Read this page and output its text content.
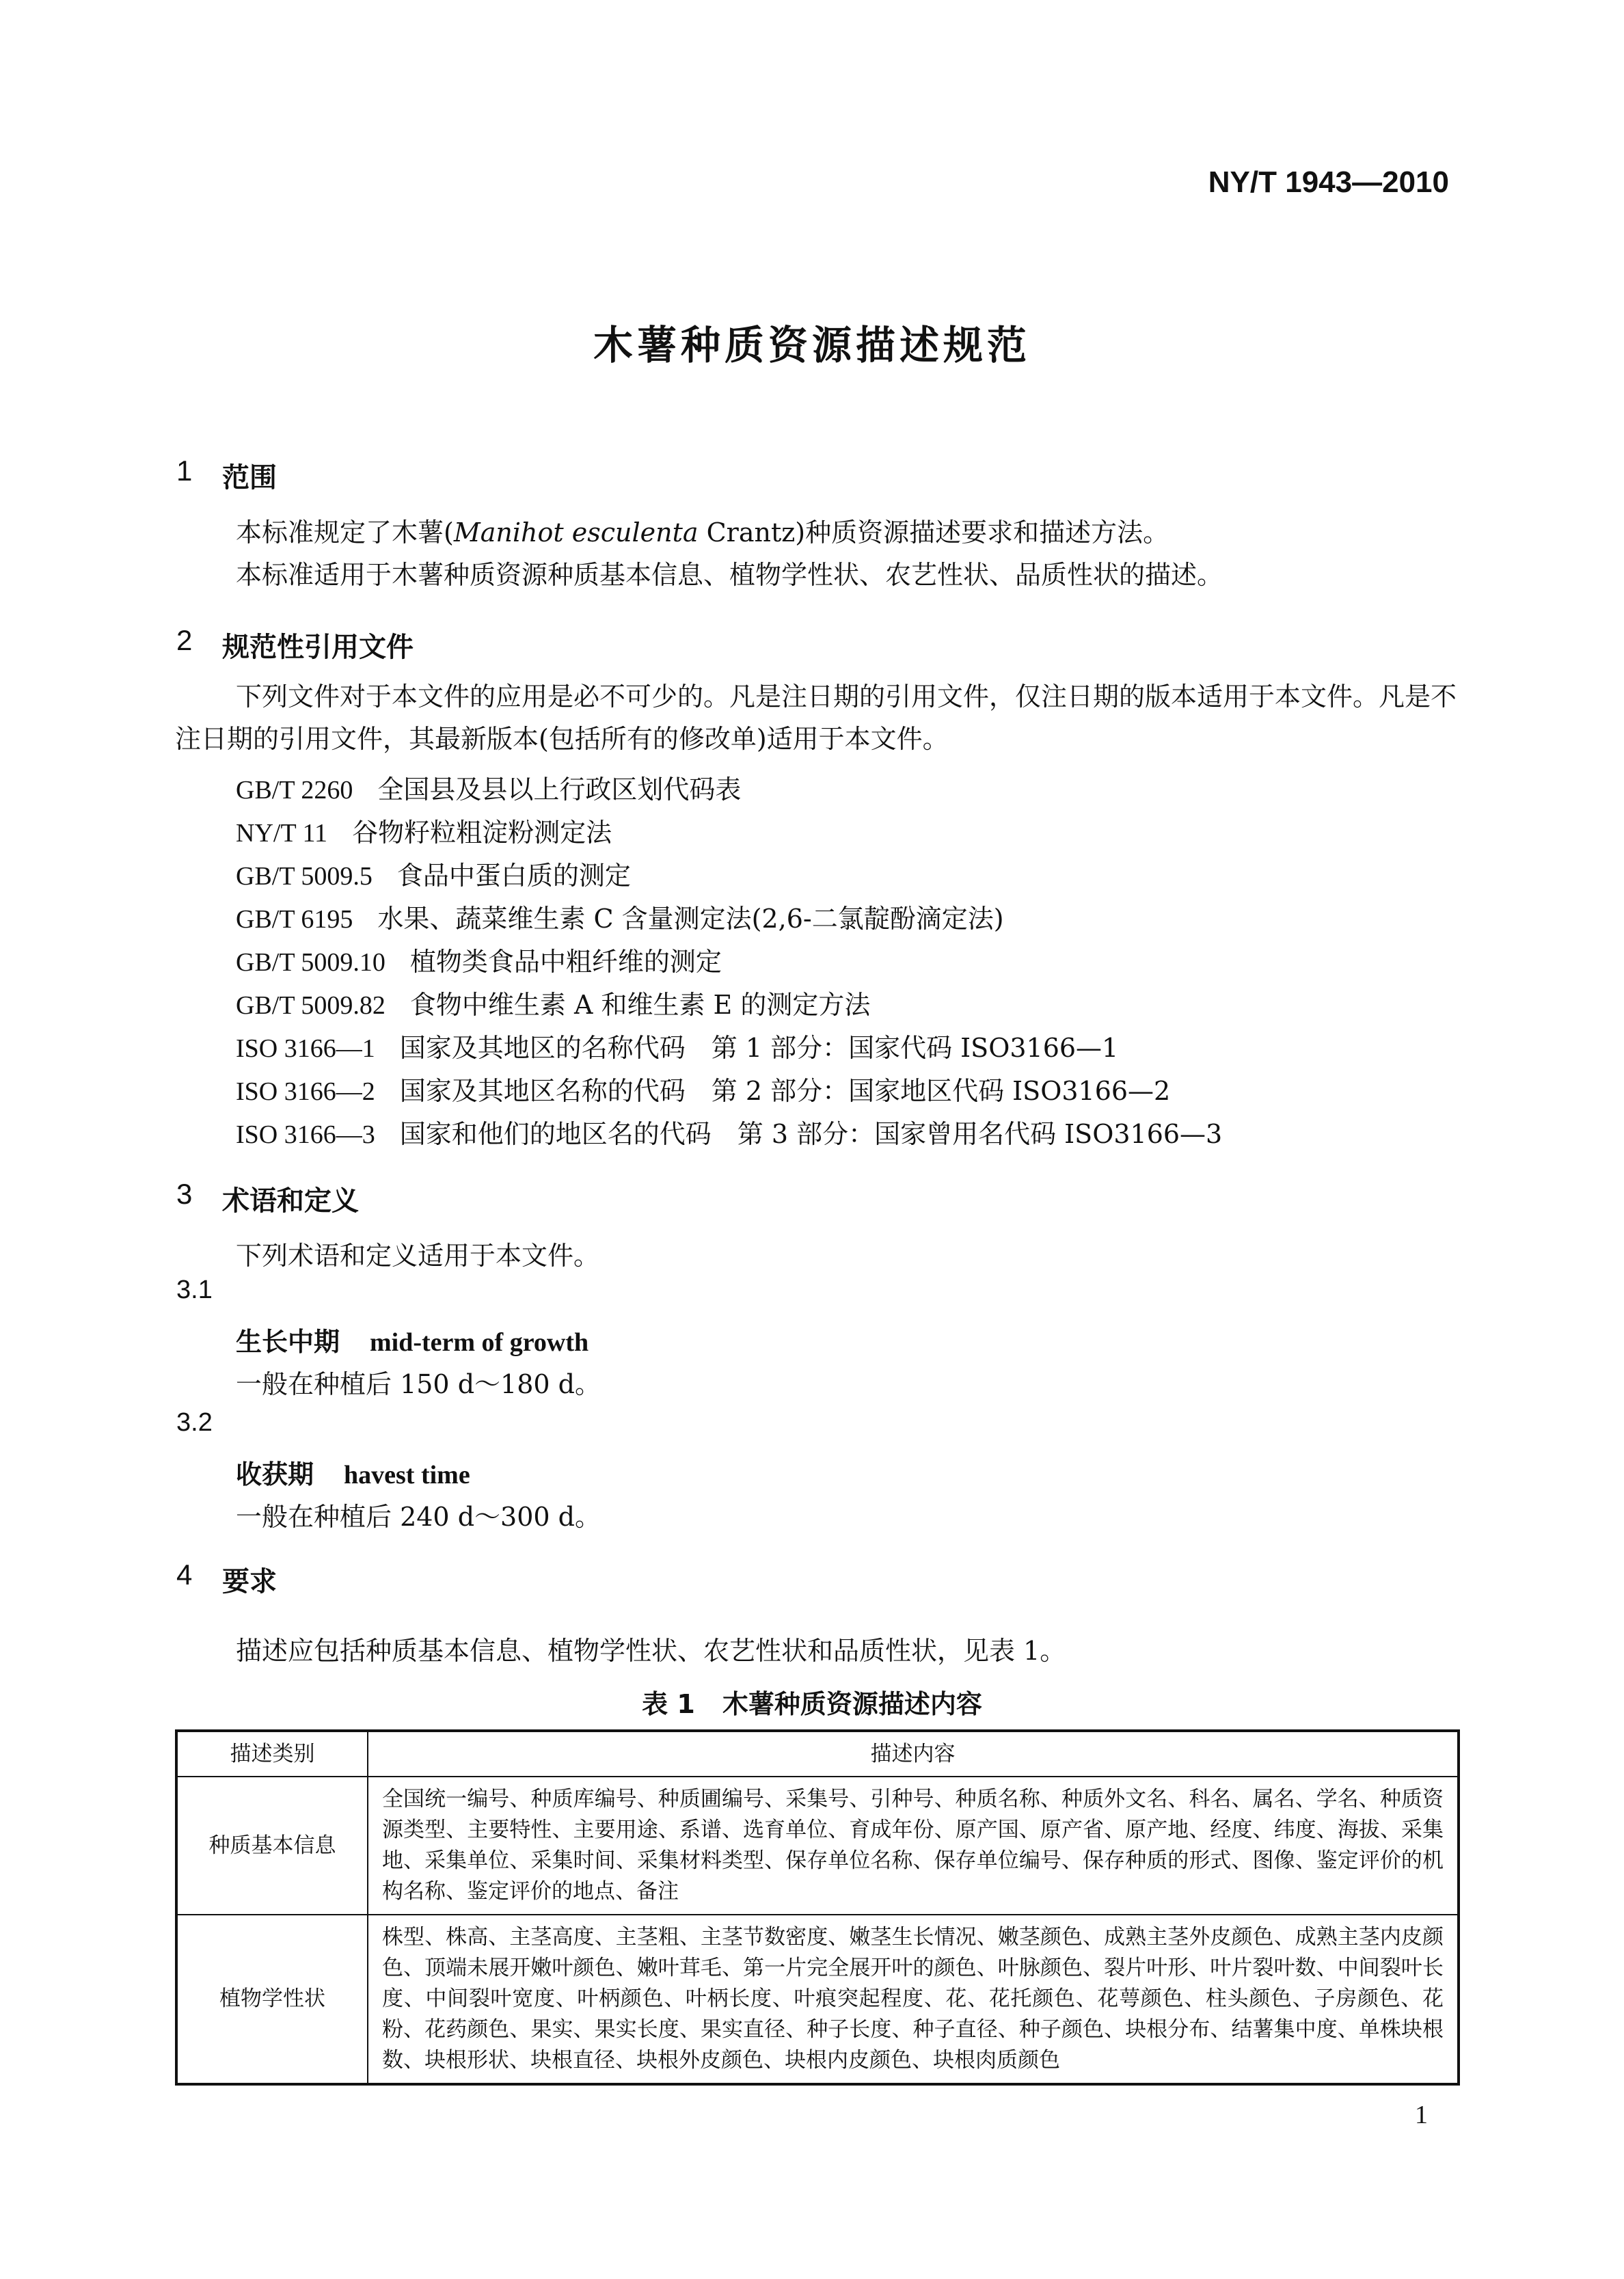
NY/T 1943—2010
木薯种质资源描述规范
1 范围
本标准规定了木薯(Manihot esculenta Crantz)种质资源描述要求和描述方法。
本标准适用于木薯种质资源种质基本信息、植物学性状、农艺性状、品质性状的描述。
2 规范性引用文件
下列文件对于本文件的应用是必不可少的。凡是注日期的引用文件，仅注日期的版本适用于本文件。凡是不注日期的引用文件，其最新版本(包括所有的修改单)适用于本文件。
GB/T 2260 全国县及县以上行政区划代码表
NY/T 11 谷物籽粒粗淀粉测定法
GB/T 5009.5 食品中蛋白质的测定
GB/T 6195 水果、蔬菜维生素 C 含量测定法(2,6-二氯靛酚滴定法)
GB/T 5009.10 植物类食品中粗纤维的测定
GB/T 5009.82 食物中维生素 A 和维生素 E 的测定方法
ISO 3166—1 国家及其地区的名称代码　第 1 部分：国家代码 ISO3166—1
ISO 3166—2 国家及其地区名称的代码　第 2 部分：国家地区代码 ISO3166—2
ISO 3166—3 国家和他们的地区名的代码　第 3 部分：国家曾用名代码 ISO3166—3
3 术语和定义
下列术语和定义适用于本文件。
3.1
生长中期 mid-term of growth
一般在种植后 150 d～180 d。
3.2
收获期 havest time
一般在种植后 240 d～300 d。
4 要求
描述应包括种质基本信息、植物学性状、农艺性状和品质性状，见表 1。
表 1 木薯种质资源描述内容
描述类别	描述内容
种质基本信息	全国统一编号、种质库编号、种质圃编号、采集号、引种号、种质名称、种质外文名、科名、属名、学名、种质资源类型、主要特性、主要用途、系谱、选育单位、育成年份、原产国、原产省、原产地、经度、纬度、海拔、采集地、采集单位、采集时间、采集材料类型、保存单位名称、保存单位编号、保存种质的形式、图像、鉴定评价的机构名称、鉴定评价的地点、备注
植物学性状	株型、株高、主茎高度、主茎粗、主茎节数密度、嫩茎生长情况、嫩茎颜色、成熟主茎外皮颜色、成熟主茎内皮颜色、顶端未展开嫩叶颜色、嫩叶茸毛、第一片完全展开叶的颜色、叶脉颜色、裂片叶形、叶片裂叶数、中间裂叶长度、中间裂叶宽度、叶柄颜色、叶柄长度、叶痕突起程度、花、花托颜色、花萼颜色、柱头颜色、子房颜色、花粉、花药颜色、果实、果实长度、果实直径、种子长度、种子直径、种子颜色、块根分布、结薯集中度、单株块根数、块根形状、块根直径、块根外皮颜色、块根内皮颜色、块根肉质颜色
1
